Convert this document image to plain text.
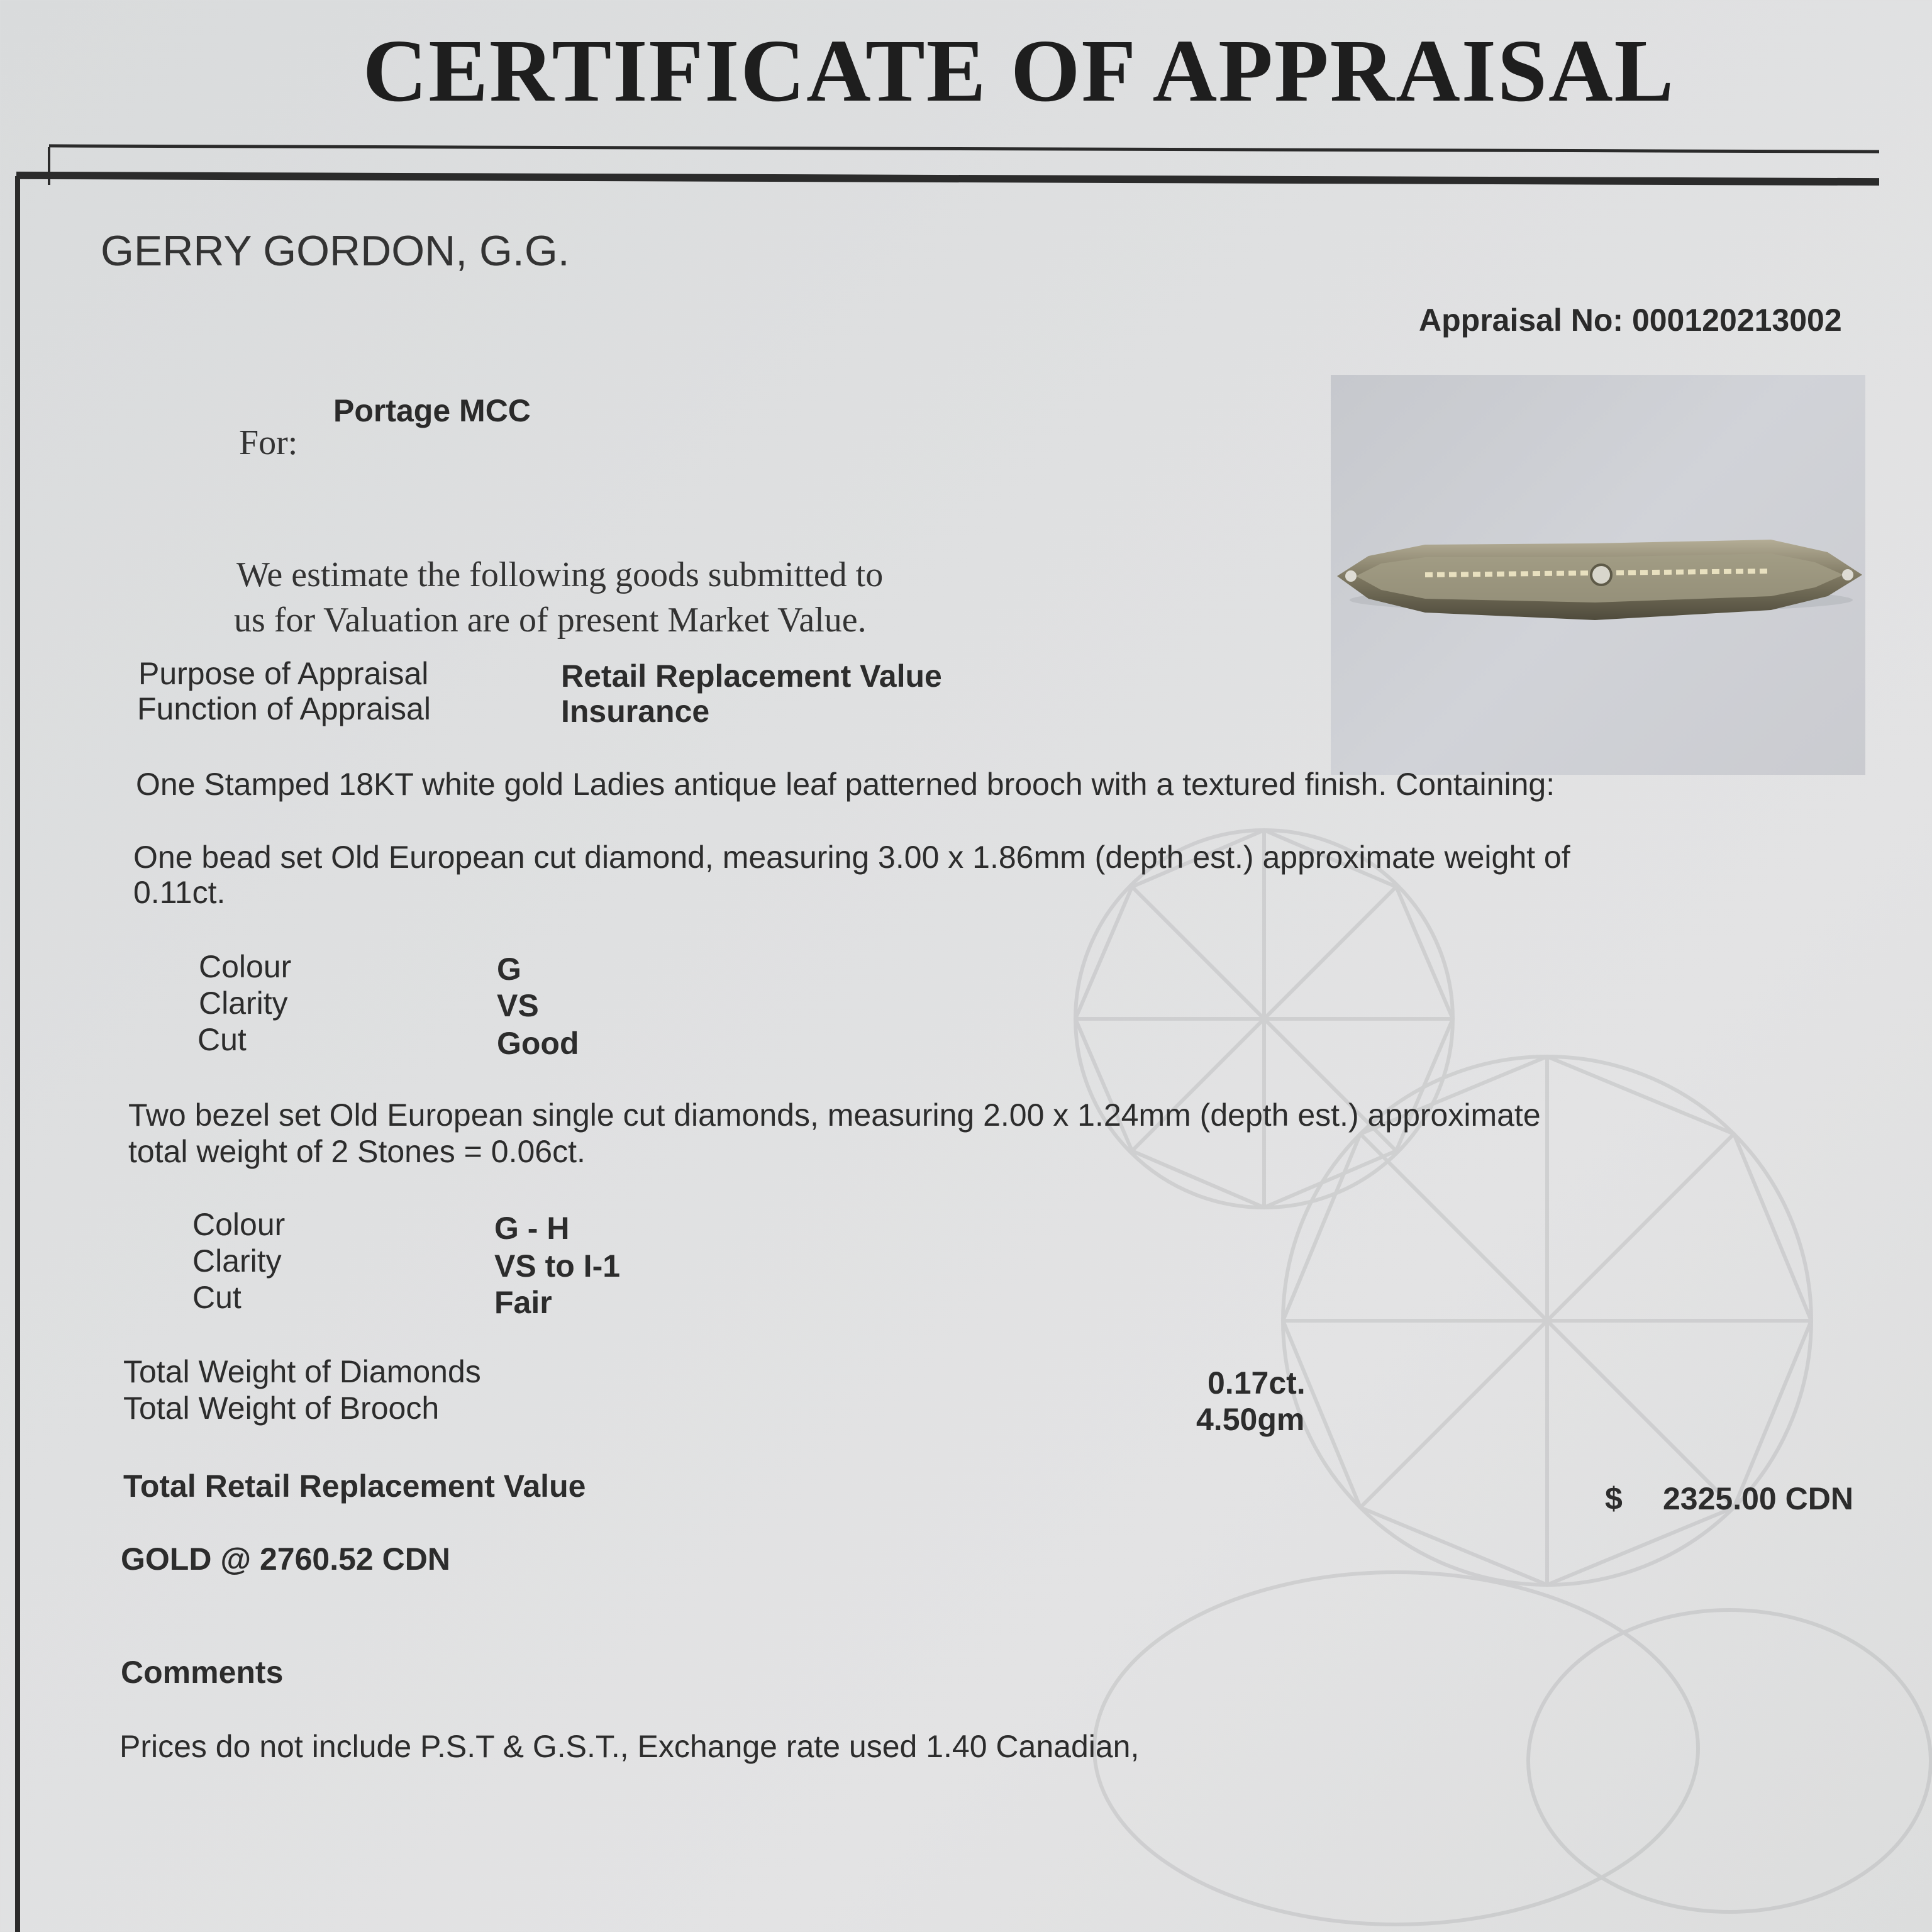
CERTIFICATE OF APPRAISAL
GERRY GORDON, G.G.
Appraisal No: 000120213002
Portage MCC
For:
We estimate the following goods submitted to
us for Valuation are of present Market Value.
Purpose of Appraisal	Retail Replacement Value
Function of Appraisal	Insurance
One Stamped 18KT white gold Ladies antique leaf patterned brooch with a textured finish. Containing:
One bead set Old European cut diamond, measuring 3.00 x 1.86mm (depth est.) approximate weight of
0.11ct.
Colour	G
Clarity	VS
Cut	Good
Two bezel set Old European single cut diamonds, measuring 2.00 x 1.24mm (depth est.) approximate
total weight of 2 Stones = 0.06ct.
Colour	G - H
Clarity	VS to I-1
Cut	Fair
Total Weight of Diamonds	0.17ct.
Total Weight of Brooch	4.50gm
Total Retail Replacement Value	$ 2325.00 CDN
GOLD @ 2760.52 CDN
Comments
Prices do not include P.S.T & G.S.T., Exchange rate used 1.40 Canadian,
